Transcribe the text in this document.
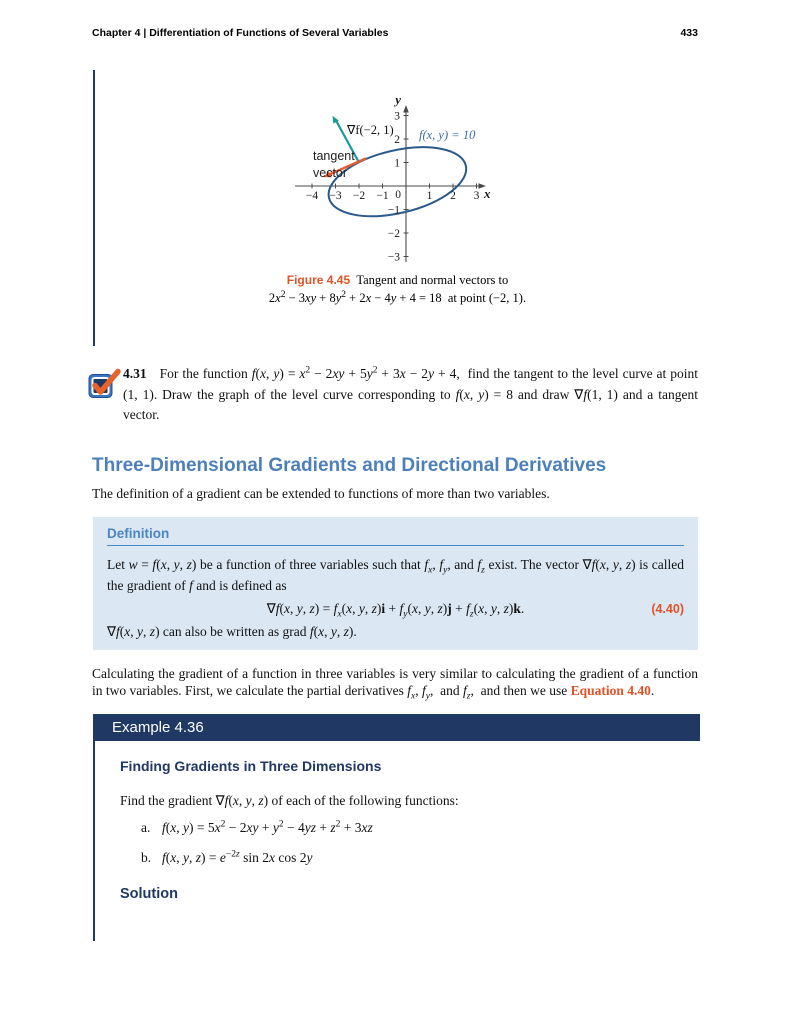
Chapter 4 | Differentiation of Functions of Several Variables	433
−4 −3 −2 −1 0 1 2 3
3
2
1
−1
−2
−3
y
x
∇f(−2, 1) f(x, y) = 10
tangent
vector
Figure 4.45 Tangent and normal vectors to
$2x^2 - 3xy + 8y^2 + 2x - 4y + 4 = 18$  at point (−2, 1).
4.31 For the function f(x, $y) = x^2 - 2xy + 5y^2 + 3x - 2y + 4$,  find the tangent to the level curve at point (1, 1). Draw the graph of the level curve corresponding to f(x, y) = 8 and draw ∇f(1, 1) and a tangent vector.
Three-Dimensional Gradients and Directional Derivatives

The definition of a gradient can be extended to functions of more than two variables.

Definition
Let w = f(x, y, z) be a function of three variables such that $f_x$, $f_y$, and $f_z$ exist. The vector ∇f(x, y, z) is called the gradient of f and is defined as
∇f(x, y, $z) = f_x(x$, y, $z)i + f_y(x$, y, $z)j + f_z(x$, y, z)k.	(4.40)
∇f(x, y, z) can also be written as grad f(x, y, z).

Calculating the gradient of a function in three variables is very similar to calculating the gradient of a function in two variables. First, we calculate the partial derivatives $f_x$, $f_y$,  and $f_z$,  and then we use Equation 4.40.

Example 4.36
Finding Gradients in Three Dimensions
Find the gradient ∇f(x, y, z) of each of the following functions:
a. f(x, $y) = 5x^2 - 2xy + y^2 - 4yz + z^2 + 3xz$
b. f(x, y, $z) = e^{-2z}$ sin 2x cos 2y
Solution
